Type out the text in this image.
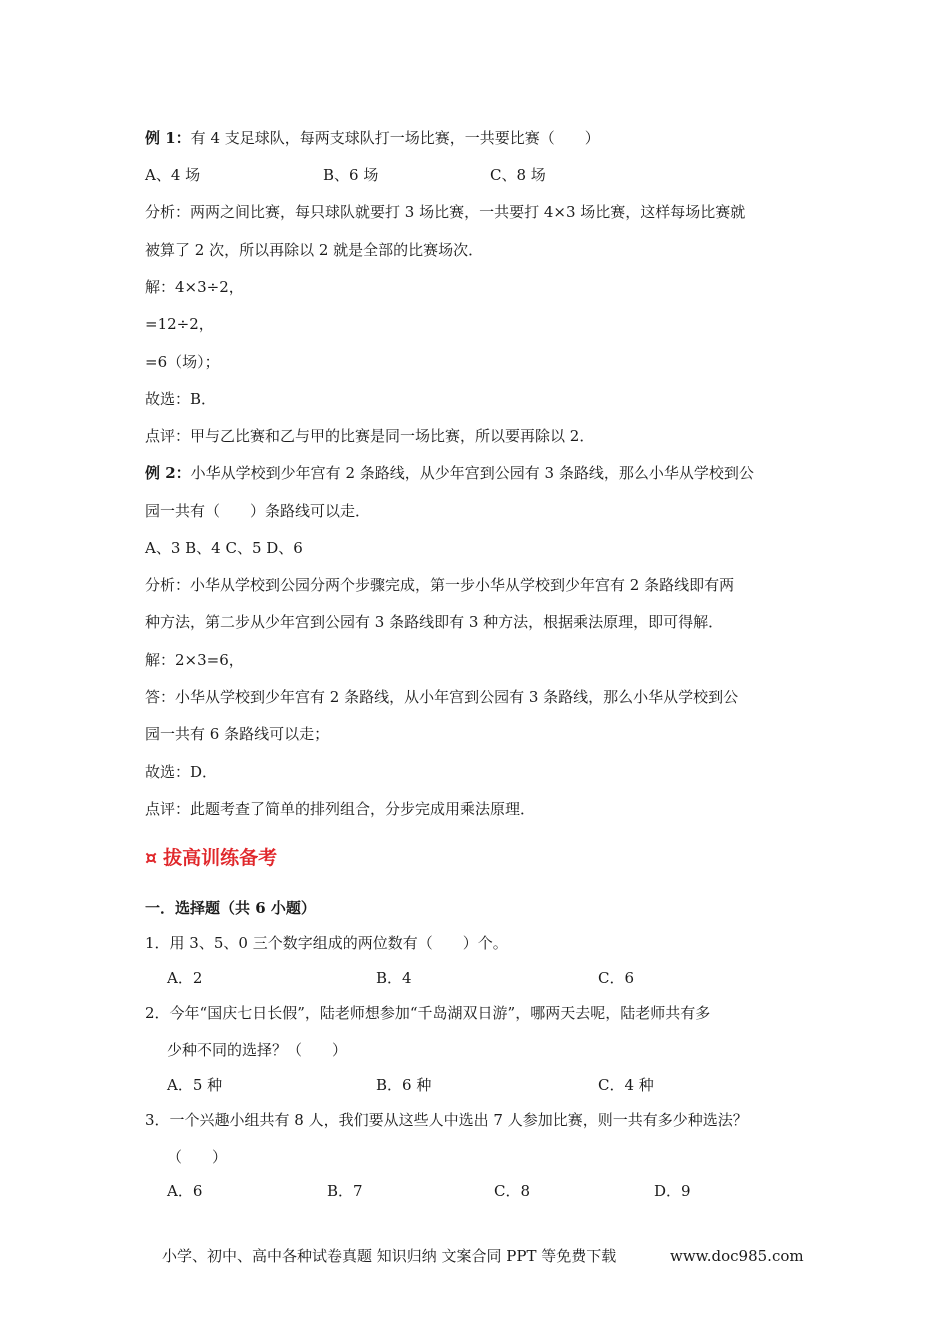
例 1：有 4 支足球队，每两支球队打一场比赛，一共要比赛（　　）
A、4 场	B、6 场	C、8 场
分析：两两之间比赛，每只球队就要打 3 场比赛，一共要打 4×3 场比赛，这样每场比赛就
被算了 2 次，所以再除以 2 就是全部的比赛场次．
解：4×3÷2，
=12÷2，
=6（场）；
故选：B．
点评：甲与乙比赛和乙与甲的比赛是同一场比赛，所以要再除以 2．
例 2：小华从学校到少年宫有 2 条路线，从少年宫到公园有 3 条路线，那么小华从学校到公
园一共有（　　）条路线可以走．
A、3 B、4 C、5 D、6
分析：小华从学校到公园分两个步骤完成，第一步小华从学校到少年宫有 2 条路线即有两
种方法，第二步从少年宫到公园有 3 条路线即有 3 种方法，根据乘法原理，即可得解．
解：2×3=6，
答：小华从学校到少年宫有 2 条路线，从小年宫到公园有 3 条路线，那么小华从学校到公
园一共有 6 条路线可以走；
故选：D．
点评：此题考查了简单的排列组合，分步完成用乘法原理．
¤ 拔高训练备考
一．选择题（共 6 小题）
1．用 3、5、0 三个数字组成的两位数有（　　）个。
A．2	B．4	C．6
2．今年“国庆七日长假”，陆老师想参加“千岛湖双日游”，哪两天去呢，陆老师共有多
少种不同的选择？（　　）
A．5 种	B．6 种	C．4 种
3．一个兴趣小组共有 8 人，我们要从这些人中选出 7 人参加比赛，则一共有多少种选法？
（　　）
A．6	B．7	C．8	D．9
小学、初中、高中各种试卷真题 知识归纳 文案合同 PPT 等免费下载	www.doc985.com
